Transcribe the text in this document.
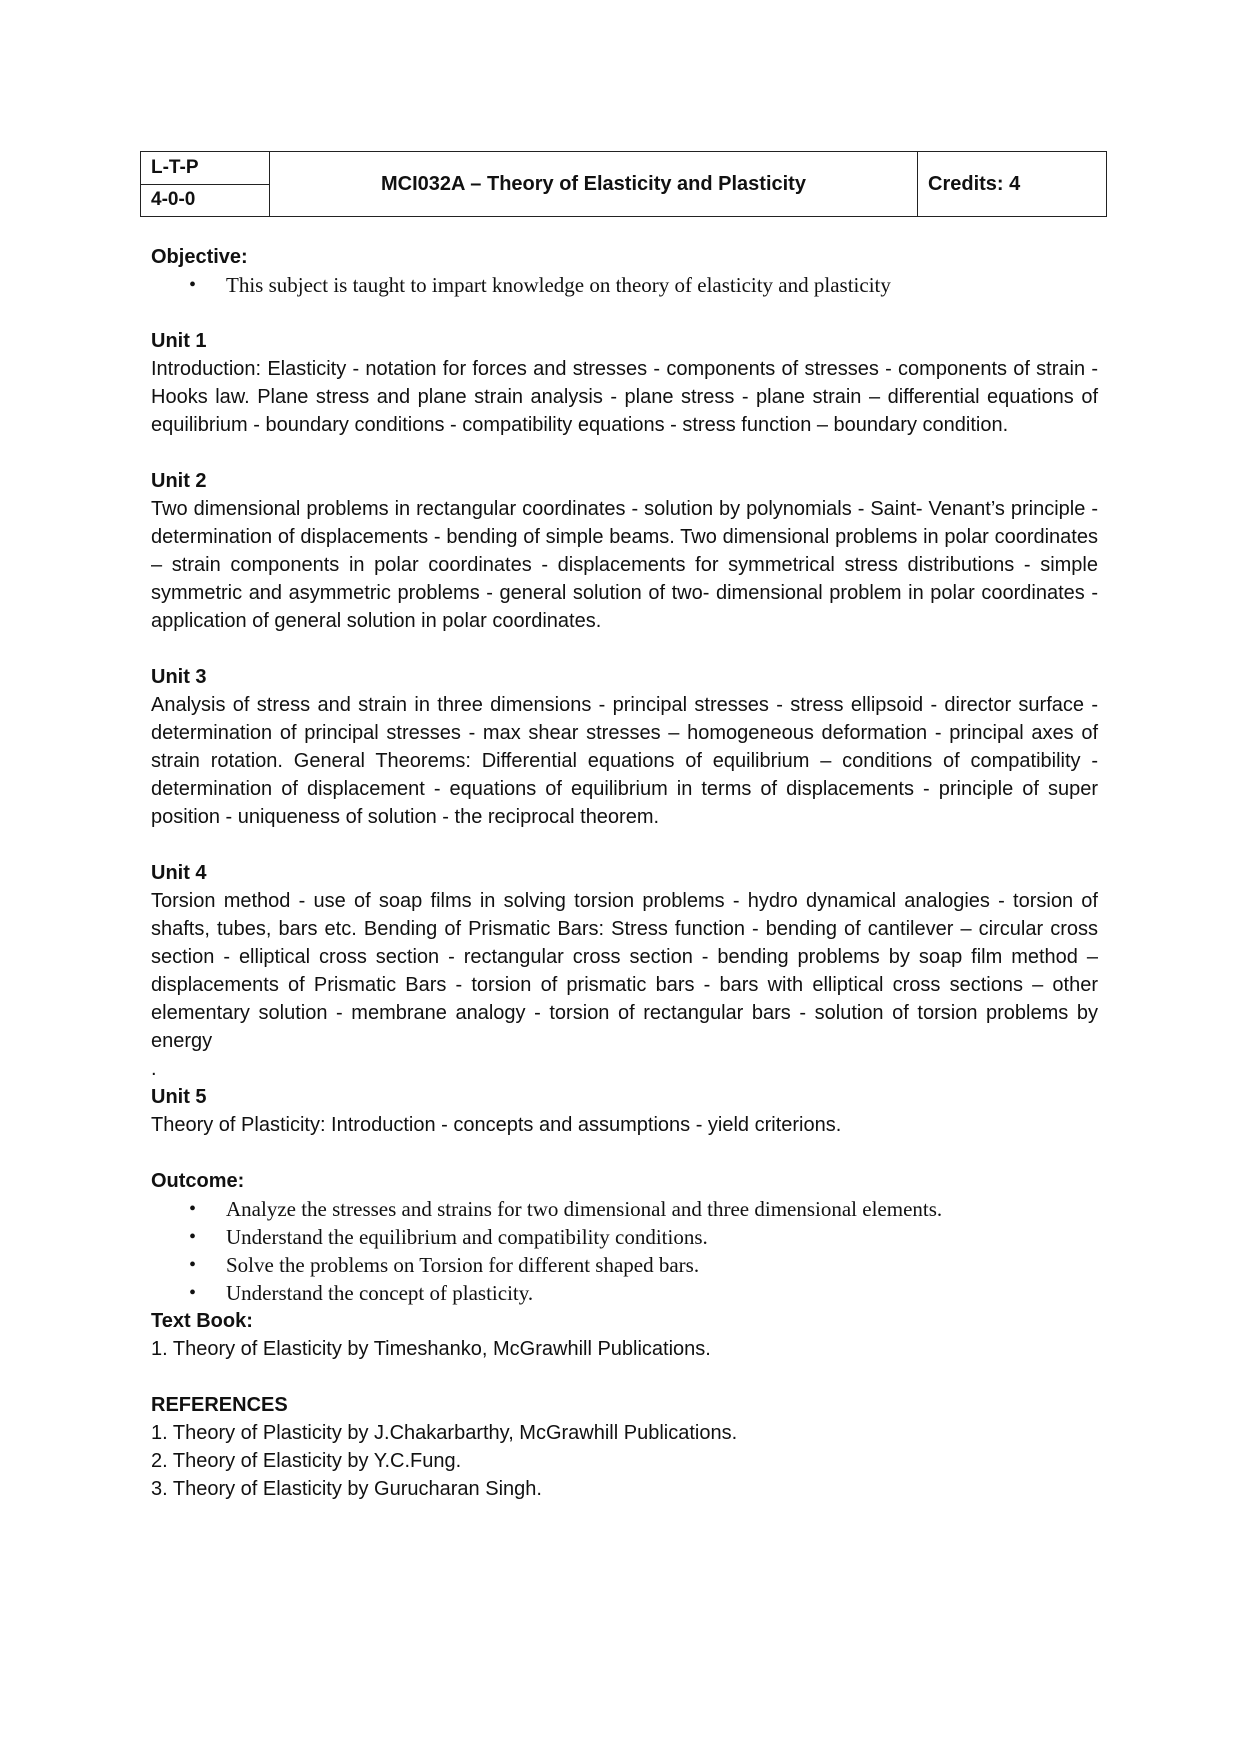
L-T-P
4-0-0
MCI032A – Theory of Elasticity and Plasticity	Credits: 4

Objective:

• This subject is taught to impart knowledge on theory of elasticity and plasticity

Unit 1

Introduction: Elasticity - notation for forces and stresses - components of stresses - components of strain - Hooks law. Plane stress and plane strain analysis - plane stress - plane strain – differential equations of equilibrium - boundary conditions - compatibility equations - stress function – boundary condition.

Unit 2

Two dimensional problems in rectangular coordinates - solution by polynomials - Saint- Venant’s principle - determination of displacements - bending of simple beams. Two dimensional problems in polar coordinates – strain components in polar coordinates - displacements for symmetrical stress distributions - simple symmetric and asymmetric problems - general solution of two- dimensional problem in polar coordinates - application of general solution in polar coordinates.

Unit 3

Analysis of stress and strain in three dimensions - principal stresses - stress ellipsoid - director surface - determination of principal stresses - max shear stresses – homogeneous deformation - principal axes of strain rotation. General Theorems: Differential equations of equilibrium – conditions of compatibility - determination of displacement - equations of equilibrium in terms of displacements - principle of super position - uniqueness of solution - the reciprocal theorem.

Unit 4

Torsion method - use of soap films in solving torsion problems - hydro dynamical analogies - torsion of shafts, tubes, bars etc. Bending of Prismatic Bars: Stress function - bending of cantilever – circular cross section - elliptical cross section - rectangular cross section - bending problems by soap film method – displacements of Prismatic Bars - torsion of prismatic bars - bars with elliptical cross sections – other elementary solution - membrane analogy - torsion of rectangular bars - solution of torsion problems by energy

.

Unit 5

Theory of Plasticity: Introduction - concepts and assumptions - yield criterions.

Outcome:

• Analyze the stresses and strains for two dimensional and three dimensional elements.
• Understand the equilibrium and compatibility conditions.
• Solve the problems on Torsion for different shaped bars.
• Understand the concept of plasticity.

Text Book:

1. Theory of Elasticity by Timeshanko, McGrawhill Publications.

REFERENCES

1. Theory of Plasticity by J.Chakarbarthy, McGrawhill Publications.

2. Theory of Elasticity by Y.C.Fung.

3. Theory of Elasticity by Gurucharan Singh.
